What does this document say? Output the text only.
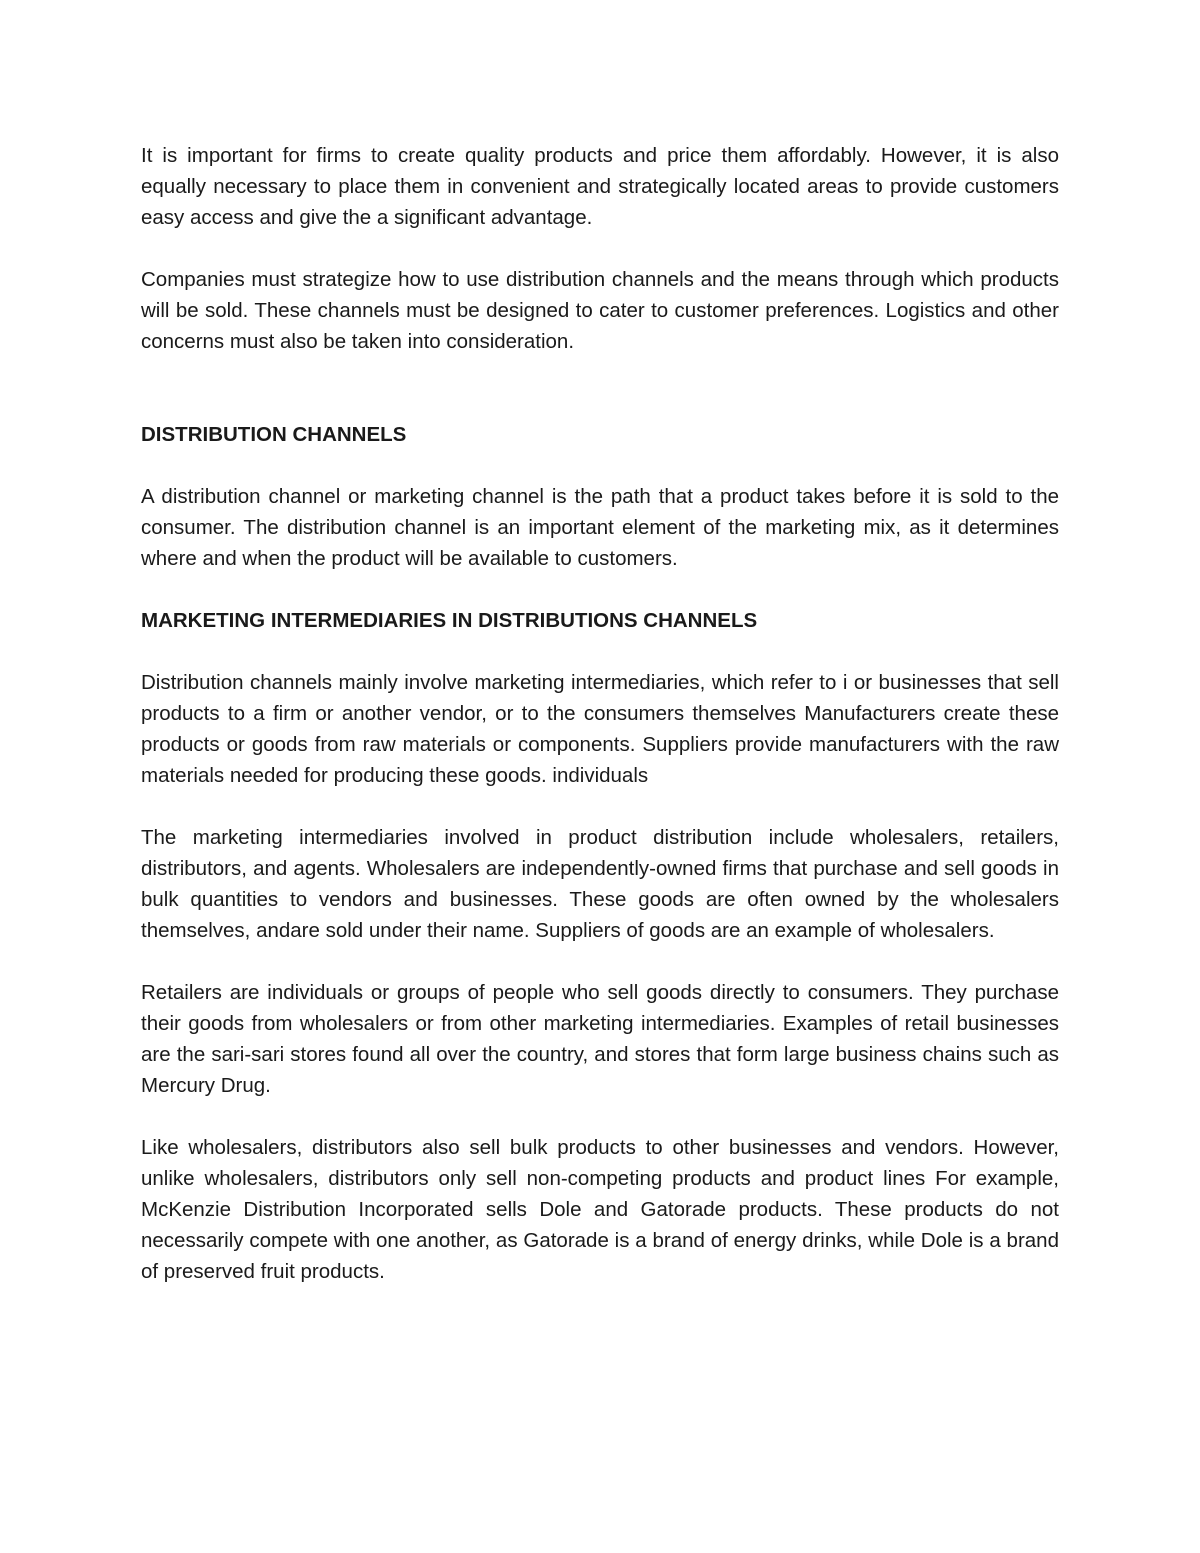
It is important for firms to create quality products and price them affordably. However, it is also equally necessary to place them in convenient and strategically located areas to provide customers easy access and give the a significant advantage.

Companies must strategize how to use distribution channels and the means through which products will be sold. These channels must be designed to cater to customer preferences. Logistics and other concerns must also be taken into consideration.

DISTRIBUTION CHANNELS

A distribution channel or marketing channel is the path that a product takes before it is sold to the consumer. The distribution channel is an important element of the marketing mix, as it determines where and when the product will be available to customers.

MARKETING INTERMEDIARIES IN DISTRIBUTIONS CHANNELS

Distribution channels mainly involve marketing intermediaries, which refer to i or businesses that sell products to a firm or another vendor, or to the consumers themselves Manufacturers create these products or goods from raw materials or components. Suppliers provide manufacturers with the raw materials needed for producing these goods. individuals

The marketing intermediaries involved in product distribution include wholesalers, retailers, distributors, and agents. Wholesalers are independently-owned firms that purchase and sell goods in bulk quantities to vendors and businesses. These goods are often owned by the wholesalers themselves, andare sold under their name. Suppliers of goods are an example of wholesalers.

Retailers are individuals or groups of people who sell goods directly to consumers. They purchase their goods from wholesalers or from other marketing intermediaries. Examples of retail businesses are the sari-sari stores found all over the country, and stores that form large business chains such as Mercury Drug.

Like wholesalers, distributors also sell bulk products to other businesses and vendors. However, unlike wholesalers, distributors only sell non-competing products and product lines For example, McKenzie Distribution Incorporated sells Dole and Gatorade products. These products do not necessarily compete with one another, as Gatorade is a brand of energy drinks, while Dole is a brand of preserved fruit products.
